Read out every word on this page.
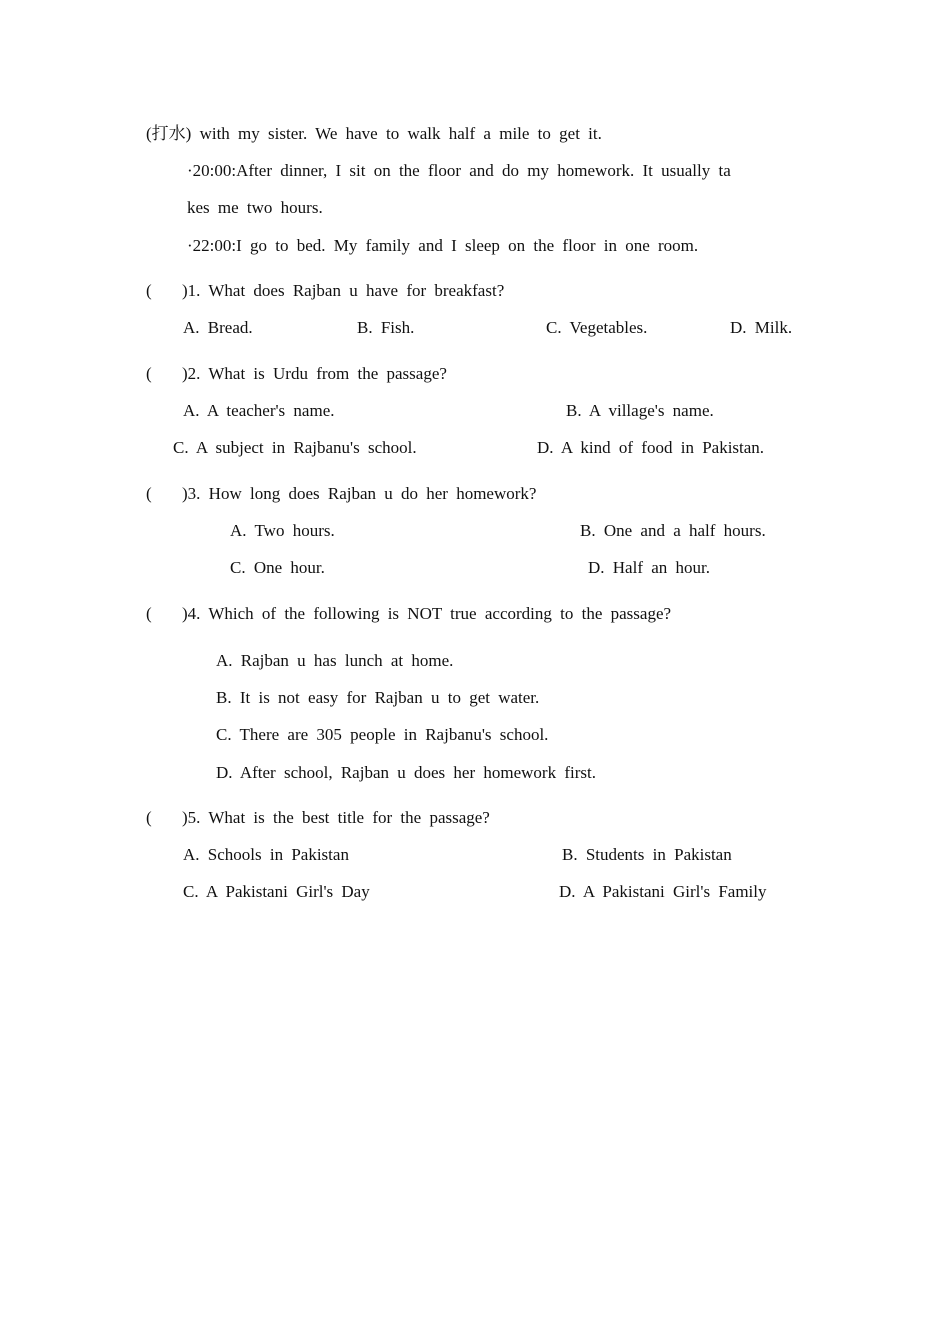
(打水) with my sister. We have to walk half a mile to get it.
·20:00:After dinner, I sit on the floor and do my homework. It usually ta
kes me two hours.
·22:00:I go to bed. My family and I sleep on the floor in one room.
( )1. What does Rajban u have for breakfast?
A. Bread.	B. Fish.	C. Vegetables.	D. Milk.
( )2. What is Urdu from the passage?
A. A teacher's name.	B. A village's name.
C. A subject in Rajbanu's school.	D. A kind of food in Pakistan.
( )3. How long does Rajban u do her homework?
A. Two hours.	B. One and a half hours.
C. One hour.	D. Half an hour.
( )4. Which of the following is NOT true according to the passage?
A. Rajban u has lunch at home.
B. It is not easy for Rajban u to get water.
C. There are 305 people in Rajbanu's school.
D. After school, Rajban u does her homework first.
( )5. What is the best title for the passage?
A. Schools in Pakistan	B. Students in Pakistan
C. A Pakistani Girl's Day	D. A Pakistani Girl's Family
